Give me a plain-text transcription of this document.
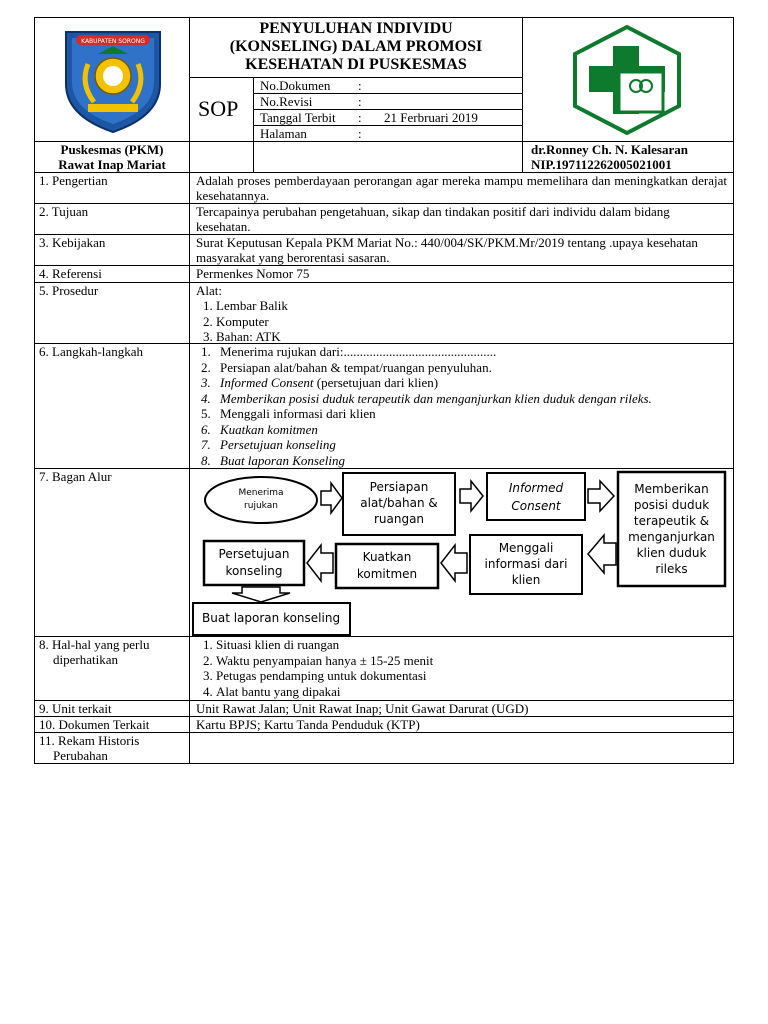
KABUPATEN SORONG
PENYULUHAN INDIVIDU
(KONSELING) DALAM PROMOSI
KESEHATAN DI PUSKESMAS
SOP
No.Dokumen :
No.Revisi	:
Tanggal Terbit : 21 Ferbruari 2019
Halaman	:
Puskesmas (PKM)
Rawat Inap Mariat
dr.Ronney Ch. N. Kalesaran
NIP.197112262005021001
1. Pengertian	Adalah proses pemberdayaan perorangan agar mereka mampu memelihara dan meningkatkan derajat kesehatannya.
2. Tujuan	Tercapainya perubahan pengetahuan, sikap dan tindakan positif dari individu dalam bidang kesehatan.
3. Kebijakan	Surat Keputusan Kepala PKM Mariat No.: 440/004/SK/PKM.Mr/2019 tentang .upaya kesehatan masyarakat yang berorentasi sasaran.
4. Referensi	Permenkes Nomor 75
5. Prosedur	Alat:
1. Lembar Balik
2. Komputer
3. Bahan: ATK
6. Langkah-langkah
1.	Menerima rujukan dari:...............................................
2. Persiapan alat/bahan & tempat/ruangan penyuluhan.
3. Informed Consent (persetujuan dari klien)
4. Memberikan posisi duduk terapeutik dan menganjurkan klien duduk dengan rileks.
5. Menggali informasi dari klien
6. Kuatkan komitmen
7. Persetujuan konseling
8. Buat laporan Konseling
7. Bagan Alur
Menerima
rujukan
Persiapan
alat/bahan &
ruangan
Informed
Consent
Memberikan
posisi duduk
terapeutik &
menganjurkan
klien duduk
rileks
Menggali
informasi dari
klien
Kuatkan
komitmen
Persetujuan
konseling
Buat laporan konseling
8. Hal-hal yang perlu
diperhatikan
1. Situasi klien di ruangan
2. Waktu penyampaian hanya ± 15-25 menit
3. Petugas pendamping untuk dokumentasi
4. Alat bantu yang dipakai
9. Unit terkait	Unit Rawat Jalan; Unit Rawat Inap; Unit Gawat Darurat (UGD)
10. Dokumen Terkait	Kartu BPJS; Kartu Tanda Penduduk (KTP)
11. Rekam Historis
Perubahan
